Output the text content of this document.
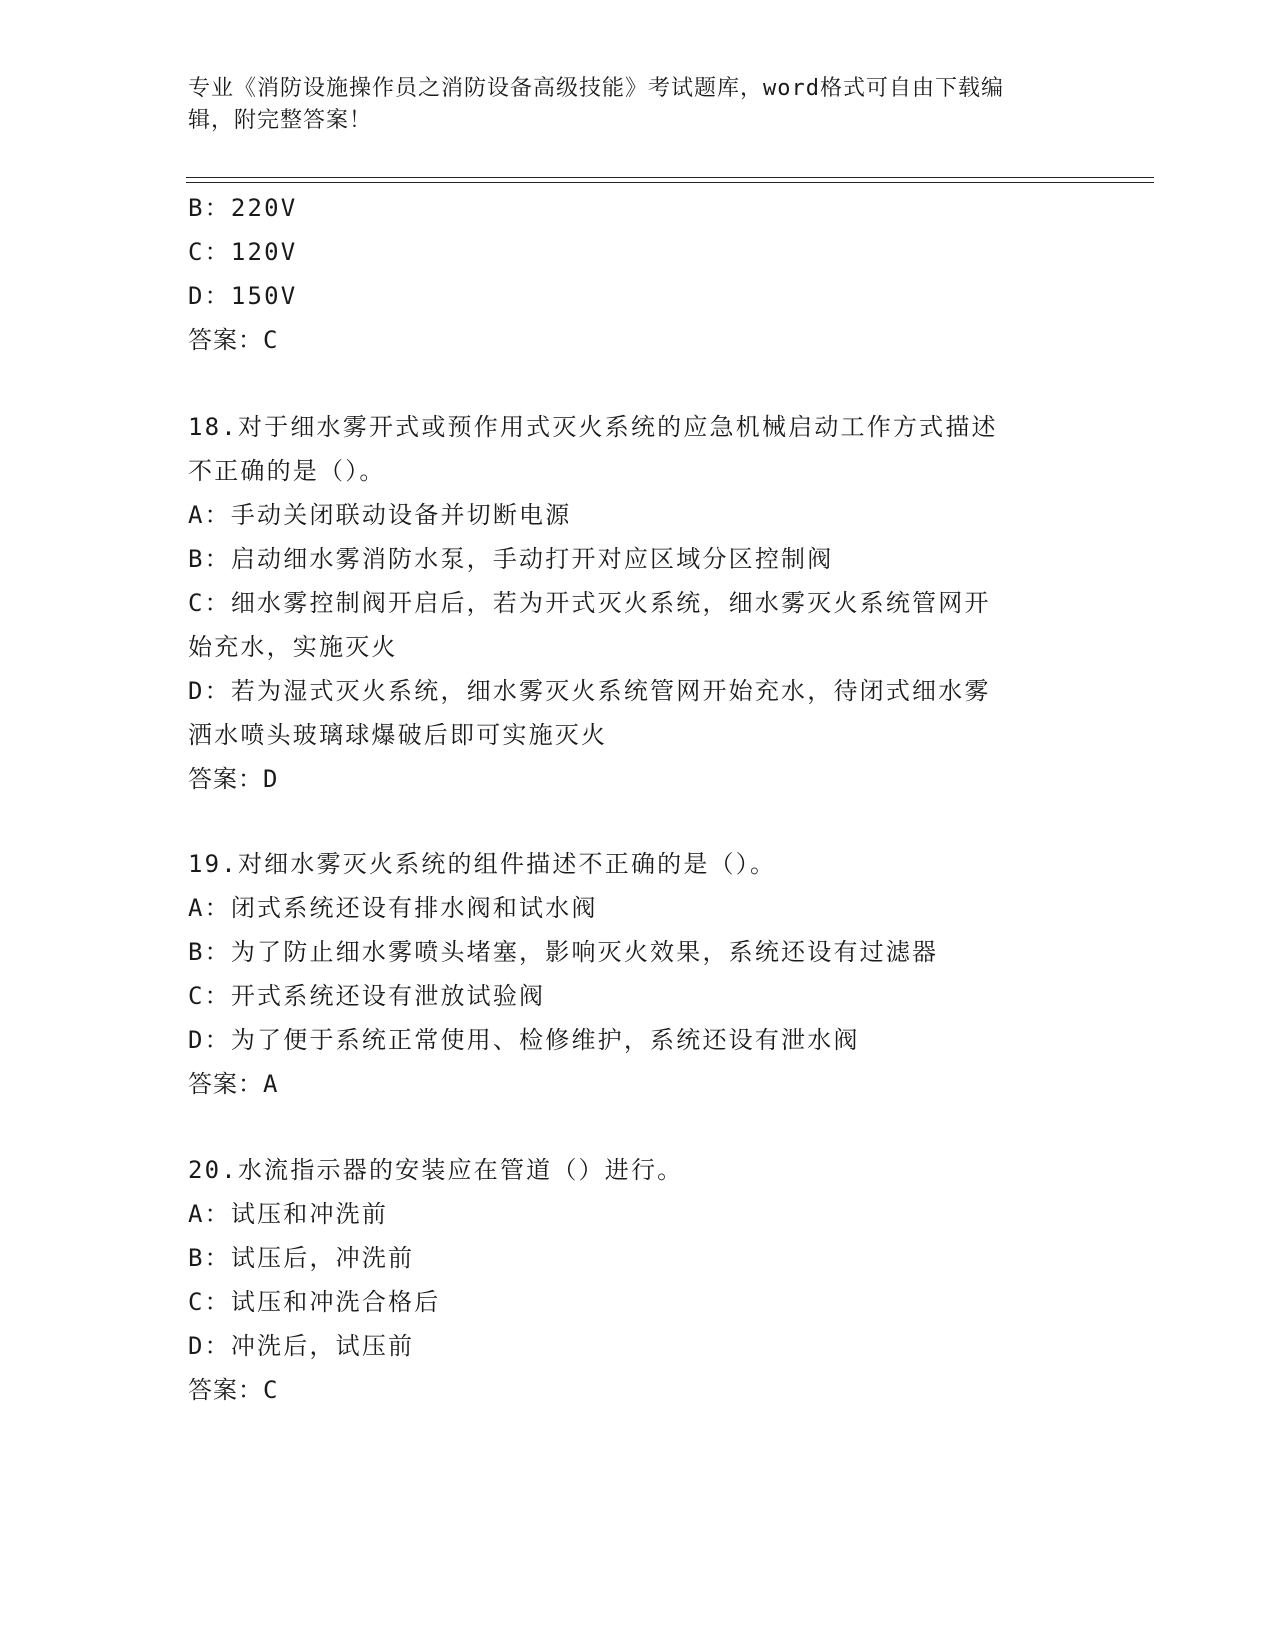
专业《消防设施操作员之消防设备高级技能》考试题库，word格式可自由下载编
辑，附完整答案！
B：220V
C：120V
D：150V
答案：C
18.对于细水雾开式或预作用式灭火系统的应急机械启动工作方式描述
不正确的是（）。
A：手动关闭联动设备并切断电源
B：启动细水雾消防水泵，手动打开对应区域分区控制阀
C：细水雾控制阀开启后，若为开式灭火系统，细水雾灭火系统管网开
始充水，实施灭火
D：若为湿式灭火系统，细水雾灭火系统管网开始充水，待闭式细水雾
洒水喷头玻璃球爆破后即可实施灭火
答案：D
19.对细水雾灭火系统的组件描述不正确的是（）。
A：闭式系统还设有排水阀和试水阀
B：为了防止细水雾喷头堵塞，影响灭火效果，系统还设有过滤器
C：开式系统还设有泄放试验阀
D：为了便于系统正常使用、检修维护，系统还设有泄水阀
答案：A
20.水流指示器的安装应在管道（）进行。
A：试压和冲洗前
B：试压后，冲洗前
C：试压和冲洗合格后
D：冲洗后，试压前
答案：C
